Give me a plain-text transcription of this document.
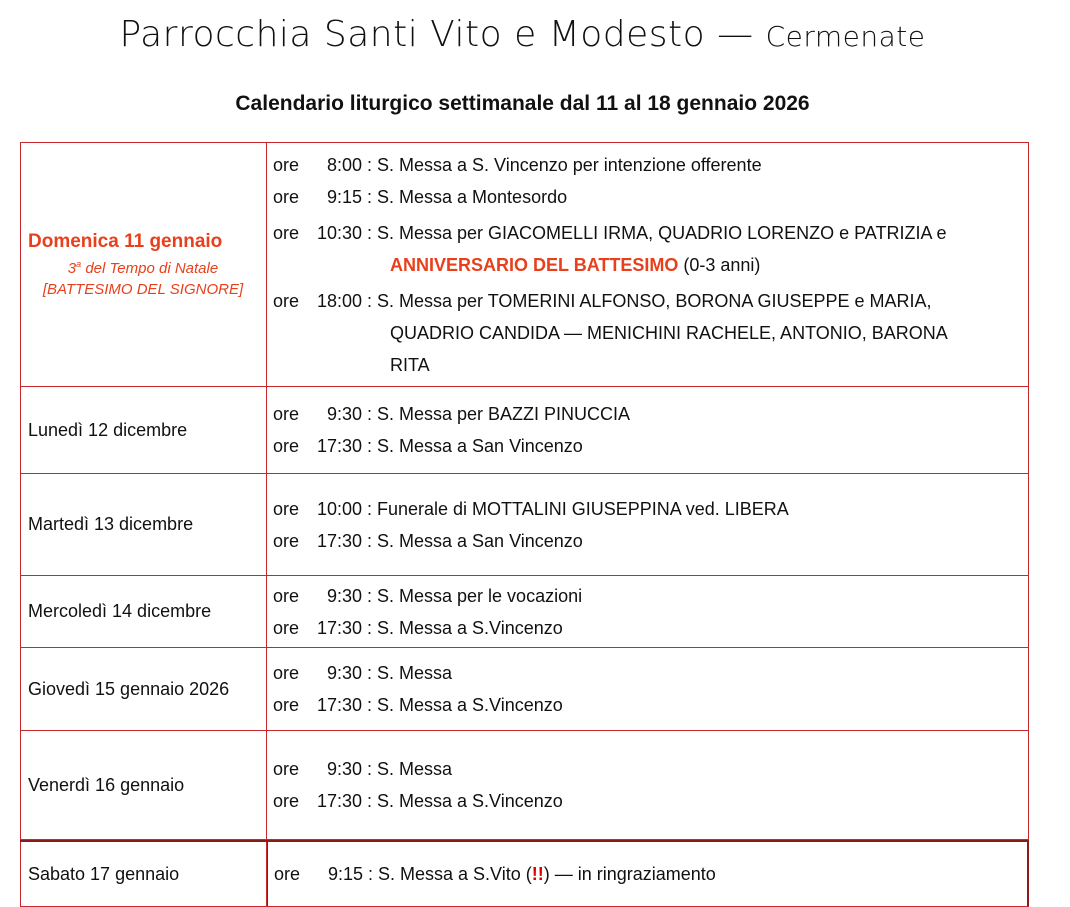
Parrocchia Santi Vito e Modesto — Cermenate
Calendario liturgico settimanale dal 11 al 18 gennaio 2026
Domenica 11 gennaio
3$^a$ del Tempo di Natale
[BATTESIMO DEL SIGNORE]
ore 8:00 : S. Messa a S. Vincenzo per intenzione offerente
ore 9:15 : S. Messa a Montesordo
ore 10:30 : S. Messa per GIACOMELLI IRMA, QUADRIO LORENZO e PATRIZIA e
ANNIVERSARIO DEL BATTESIMO (0-3 anni)
ore 18:00 : S. Messa per TOMERINI ALFONSO, BORONA GIUSEPPE e MARIA,
QUADRIO CANDIDA — MENICHINI RACHELE, ANTONIO, BARONA
RITA
Lunedì 12 dicembre
ore 9:30 : S. Messa per BAZZI PINUCCIA
ore 17:30 : S. Messa a San Vincenzo
Martedì 13 dicembre
ore 10:00 : Funerale di MOTTALINI GIUSEPPINA ved. LIBERA
ore 17:30 : S. Messa a San Vincenzo
Mercoledì 14 dicembre
ore 9:30 : S. Messa per le vocazioni
ore 17:30 : S. Messa a S.Vincenzo
Giovedì 15 gennaio 2026
ore 9:30 : S. Messa
ore 17:30 : S. Messa a S.Vincenzo
Venerdì 16 gennaio
ore 9:30 : S. Messa
ore 17:30 : S. Messa a S.Vincenzo
Sabato 17 gennaio	ore 9:15 : S. Messa a S.Vito (!!) — in ringraziamento
